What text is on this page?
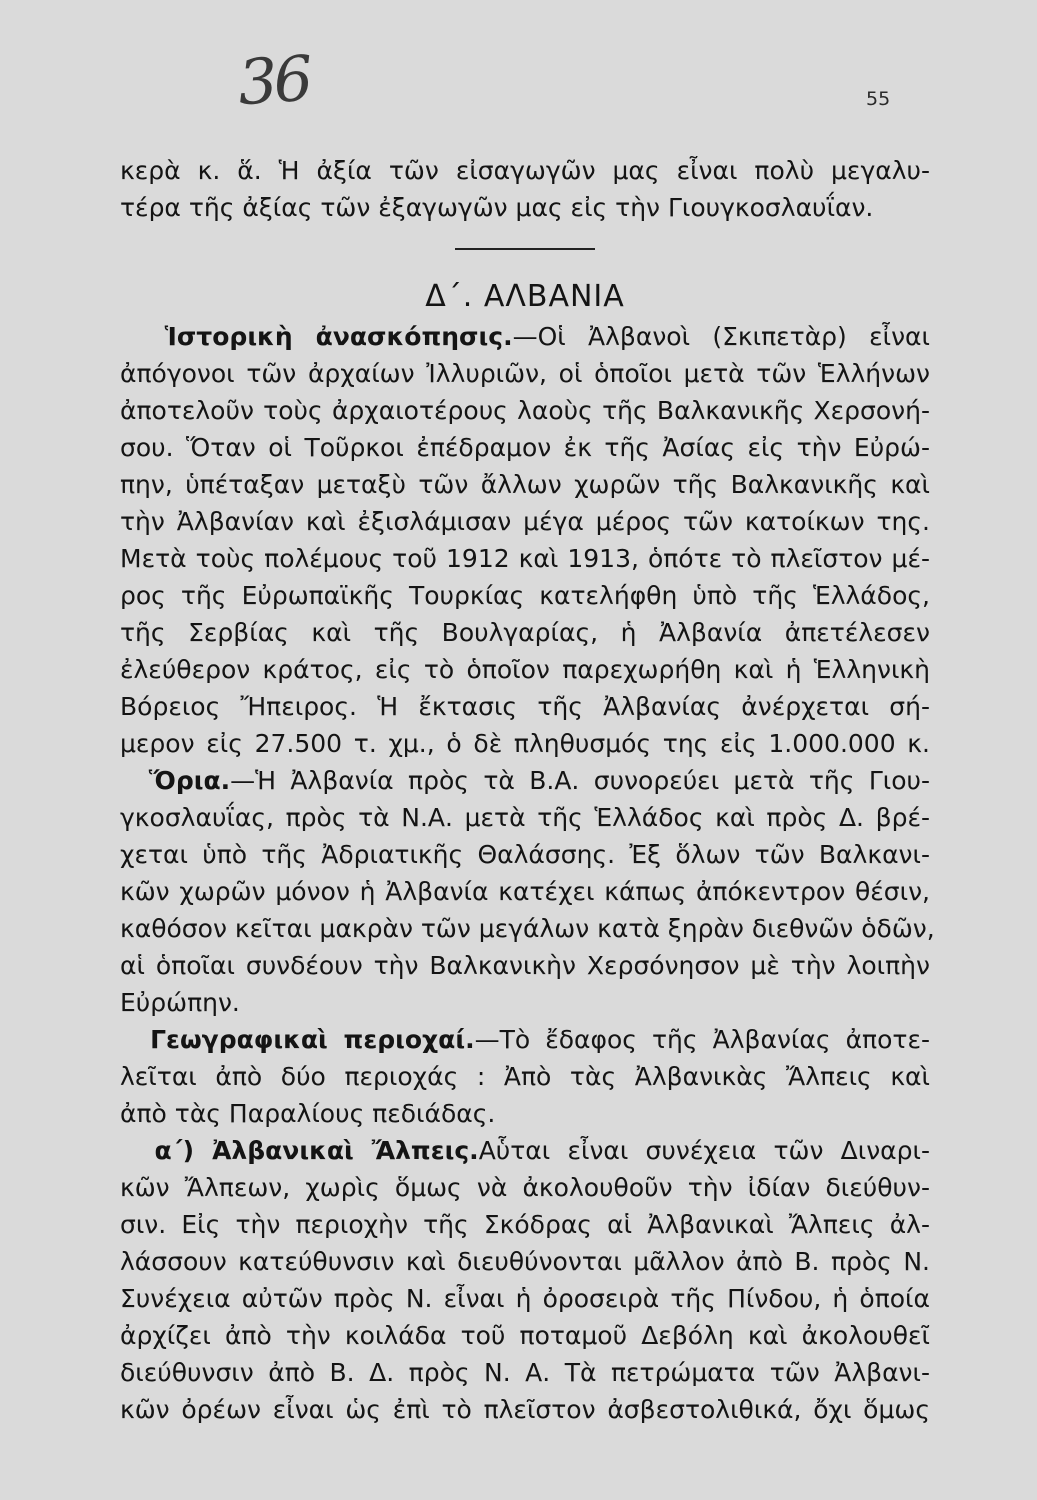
36	55
κερὰ κ. ἅ. Ἡ ἀξία τῶν εἰσαγωγῶν μας εἶναι πολὺ μεγαλυ-
τέρα τῆς ἀξίας τῶν ἐξαγωγῶν μας εἰς τὴν Γιουγκοσλαυΐαν.
Δ΄. ΑΛΒΑΝΙΑ
Ἱστορικὴ ἀνασκόπησις.—Οἱ Ἀλβανοὶ (Σκιπετὰρ) εἶναι
ἀπόγονοι τῶν ἀρχαίων Ἰλλυριῶν, οἱ ὁποῖοι μετὰ τῶν Ἑλλήνων
ἀποτελοῦν τοὺς ἀρχαιοτέρους λαοὺς τῆς Βαλκανικῆς Χερσονή-
σου. Ὅταν οἱ Τοῦρκοι ἐπέδραμον ἐκ τῆς Ἀσίας εἰς τὴν Εὐρώ-
πην, ὑπέταξαν μεταξὺ τῶν ἄλλων χωρῶν τῆς Βαλκανικῆς καὶ
τὴν Ἀλβανίαν καὶ ἐξισλάμισαν μέγα μέρος τῶν κατοίκων της.
Μετὰ τοὺς πολέμους τοῦ 1912 καὶ 1913, ὁπότε τὸ πλεῖστον μέ-
ρος τῆς Εὐρωπαϊκῆς Τουρκίας κατελήφθη ὑπὸ τῆς Ἑλλάδος,
τῆς Σερβίας καὶ τῆς Βουλγαρίας, ἡ Ἀλβανία ἀπετέλεσεν
ἐλεύθερον κράτος, εἰς τὸ ὁποῖον παρεχωρήθη καὶ ἡ Ἑλληνικὴ
Βόρειος Ἤπειρος. Ἡ ἔκτασις τῆς Ἀλβανίας ἀνέρχεται σή-
μερον εἰς 27.500 τ. χμ., ὁ δὲ πληθυσμός της εἰς 1.000.000 κ.
Ὅρια.—Ἡ Ἀλβανία πρὸς τὰ Β.Α. συνορεύει μετὰ τῆς Γιου-
γκοσλαυΐας, πρὸς τὰ Ν.Α. μετὰ τῆς Ἑλλάδος καὶ πρὸς Δ. βρέ-
χεται ὑπὸ τῆς Ἀδριατικῆς Θαλάσσης. Ἐξ ὅλων τῶν Βαλκανι-
κῶν χωρῶν μόνον ἡ Ἀλβανία κατέχει κάπως ἀπόκεντρον θέσιν,
καθόσον κεῖται μακρὰν τῶν μεγάλων κατὰ ξηρὰν διεθνῶν ὁδῶν,
αἱ ὁποῖαι συνδέουν τὴν Βαλκανικὴν Χερσόνησον μὲ τὴν λοιπὴν
Εὐρώπην.
Γεωγραφικαὶ περιοχαί.—Τὸ ἔδαφος τῆς Ἀλβανίας ἀποτε-
λεῖται ἀπὸ δύο περιοχάς : Ἀπὸ τὰς Ἀλβανικὰς Ἄλπεις καὶ
ἀπὸ τὰς Παραλίους πεδιάδας.
α΄) Ἀλβανικαὶ Ἄλπεις.Αὗται εἶναι συνέχεια τῶν Διναρι-
κῶν Ἄλπεων, χωρὶς ὅμως νὰ ἀκολουθοῦν τὴν ἰδίαν διεύθυν-
σιν. Εἰς τὴν περιοχὴν τῆς Σκόδρας αἱ Ἀλβανικαὶ Ἄλπεις ἀλ-
λάσσουν κατεύθυνσιν καὶ διευθύνονται μᾶλλον ἀπὸ Β. πρὸς Ν.
Συνέχεια αὐτῶν πρὸς Ν. εἶναι ἡ ὀροσειρὰ τῆς Πίνδου, ἡ ὁποία
ἀρχίζει ἀπὸ τὴν κοιλάδα τοῦ ποταμοῦ Δεβόλη καὶ ἀκολουθεῖ
διεύθυνσιν ἀπὸ Β. Δ. πρὸς Ν. Α. Τὰ πετρώματα τῶν Ἀλβανι-
κῶν ὀρέων εἶναι ὡς ἐπὶ τὸ πλεῖστον ἀσβεστολιθικά, ὄχι ὅμως
